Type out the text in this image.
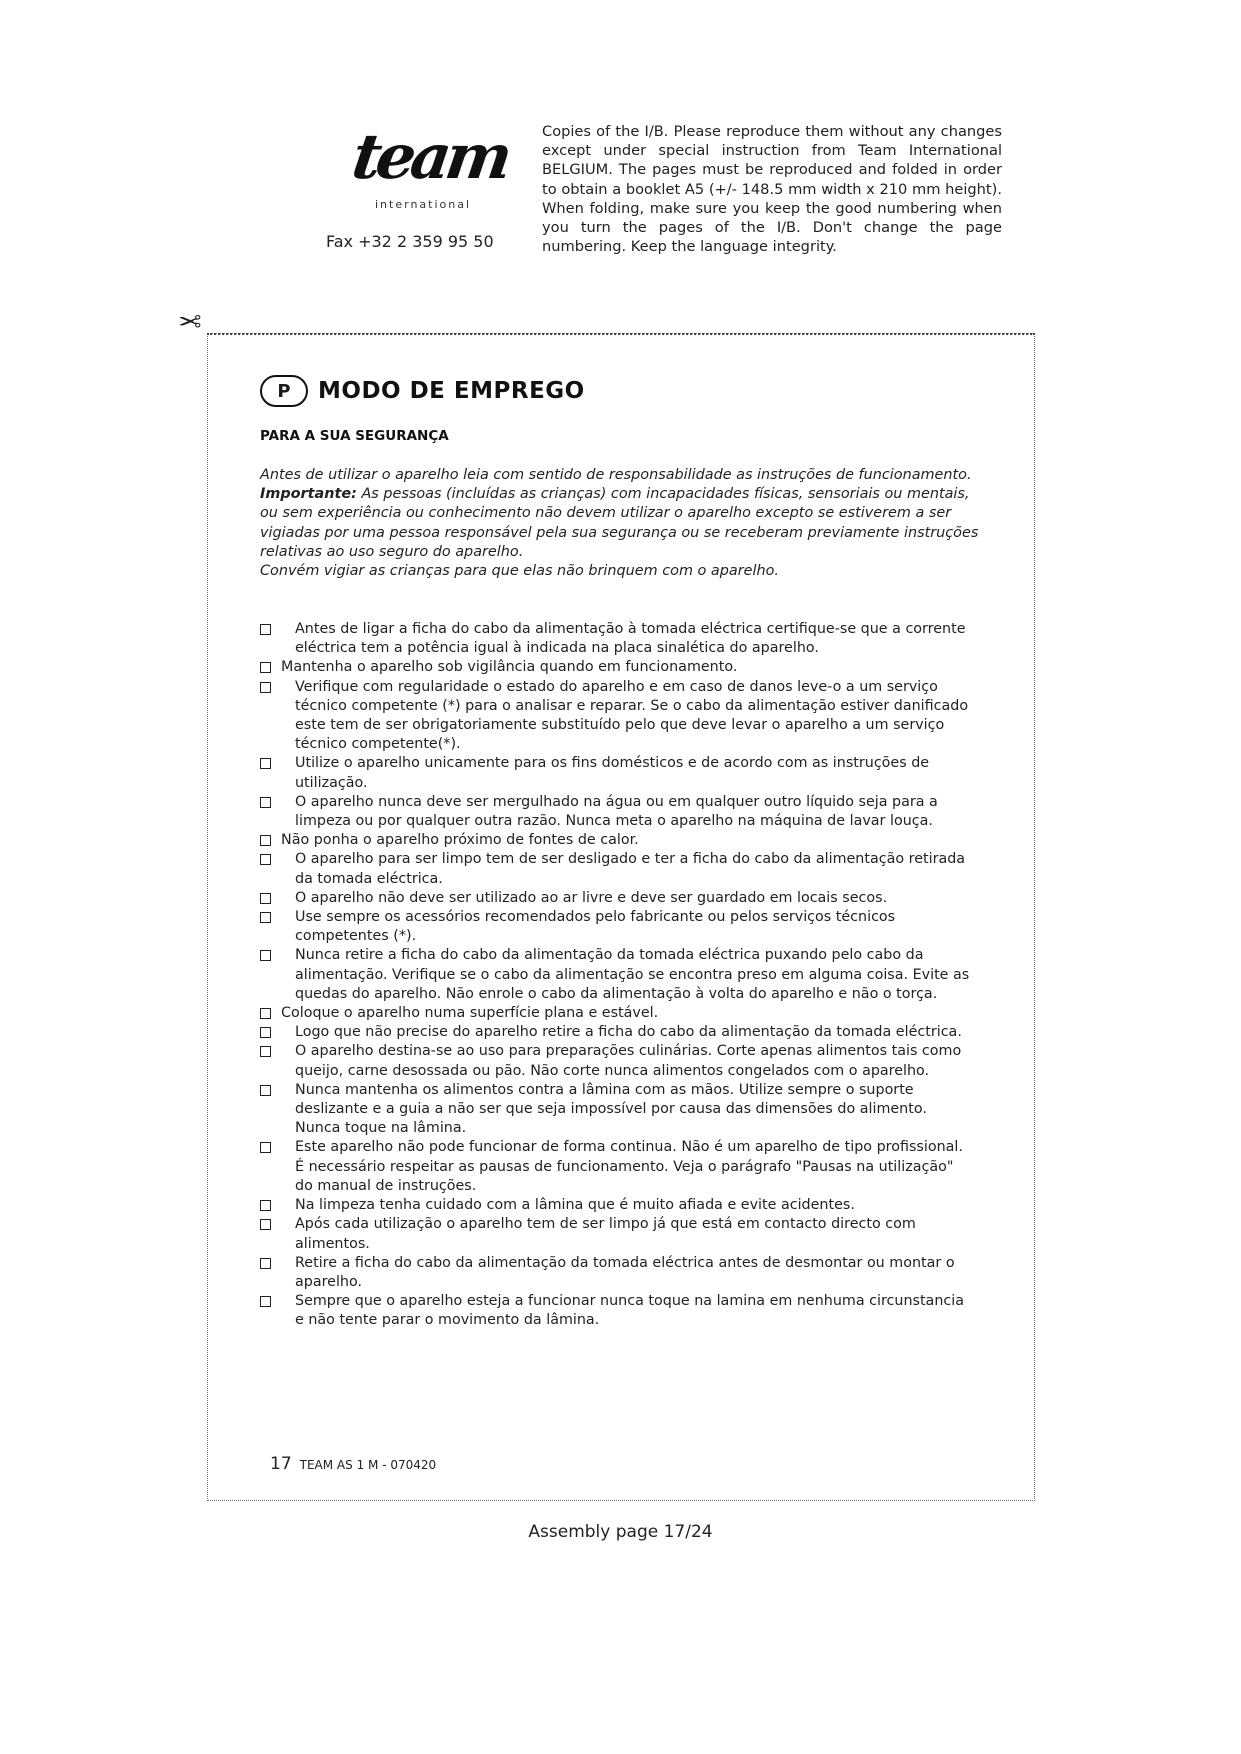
team
international
Fax +32 2 359 95 50
Copies of the I/B. Please reproduce them without any changes except under special instruction from Team International BELGIUM. The pages must be reproduced and folded in order to obtain a booklet A5 (+/- 148.5 mm width x 210 mm height). When folding, make sure you keep the good numbering when you turn the pages of the I/B. Don't change the page numbering. Keep the language integrity.
✂
P	MODO DE EMPREGO
PARA A SUA SEGURANÇA
Antes de utilizar o aparelho leia com sentido de responsabilidade as instruções de funcionamento.
Importante: As pessoas (incluídas as crianças) com incapacidades físicas, sensoriais ou mentais, ou sem experiência ou conhecimento não devem utilizar o aparelho excepto se estiverem a ser vigiadas por uma pessoa responsável pela sua segurança ou se receberam previamente instruções relativas ao uso seguro do aparelho.
Convém vigiar as crianças para que elas não brinquem com o aparelho.
Antes de ligar a ficha do cabo da alimentação à tomada eléctrica certifique-se que a corrente eléctrica tem a potência igual à indicada na placa sinalética do aparelho.
Mantenha o aparelho sob vigilância quando em funcionamento.
Verifique com regularidade o estado do aparelho e em caso de danos leve-o a um serviço técnico competente (*) para o analisar e reparar. Se o cabo da alimentação estiver danificado este tem de ser obrigatoriamente substituído pelo que deve levar o aparelho a um serviço técnico competente(*).
Utilize o aparelho unicamente para os fins domésticos e de acordo com as instruções de utilização.
O aparelho nunca deve ser mergulhado na água ou em qualquer outro líquido seja para a limpeza ou por qualquer outra razão. Nunca meta o aparelho na máquina de lavar louça.
Não ponha o aparelho próximo de fontes de calor.
O aparelho para ser limpo tem de ser desligado e ter a ficha do cabo da alimentação retirada da tomada eléctrica.
O aparelho não deve ser utilizado ao ar livre e deve ser guardado em locais secos.
Use sempre os acessórios recomendados pelo fabricante ou pelos serviços técnicos competentes (*).
Nunca retire a ficha do cabo da alimentação da tomada eléctrica puxando pelo cabo da alimentação. Verifique se o cabo da alimentação se encontra preso em alguma coisa. Evite as quedas do aparelho. Não enrole o cabo da alimentação à volta do aparelho e não o torça.
Coloque o aparelho numa superfície plana e estável.
Logo que não precise do aparelho retire a ficha do cabo da alimentação da tomada eléctrica.
O aparelho destina-se ao uso para preparações culinárias. Corte apenas alimentos tais como queijo, carne desossada ou pão. Não corte nunca alimentos congelados com o aparelho.
Nunca mantenha os alimentos contra a lâmina com as mãos. Utilize sempre o suporte deslizante e a guia a não ser que seja impossível por causa das dimensões do alimento. Nunca toque na lâmina.
Este aparelho não pode funcionar de forma continua. Não é um aparelho de tipo profissional. É necessário respeitar as pausas de funcionamento. Veja o parágrafo "Pausas na utilização" do manual de instruções.
Na limpeza tenha cuidado com a lâmina que é muito afiada e evite acidentes.
Após cada utilização o aparelho tem de ser limpo já que está em contacto directo com alimentos.
Retire a ficha do cabo da alimentação da tomada eléctrica antes de desmontar ou montar o aparelho.
Sempre que o aparelho esteja a funcionar nunca toque na lamina em nenhuma circunstancia e não tente parar o movimento da lâmina.
17 TEAM AS 1 M - 070420
Assembly page 17/24
